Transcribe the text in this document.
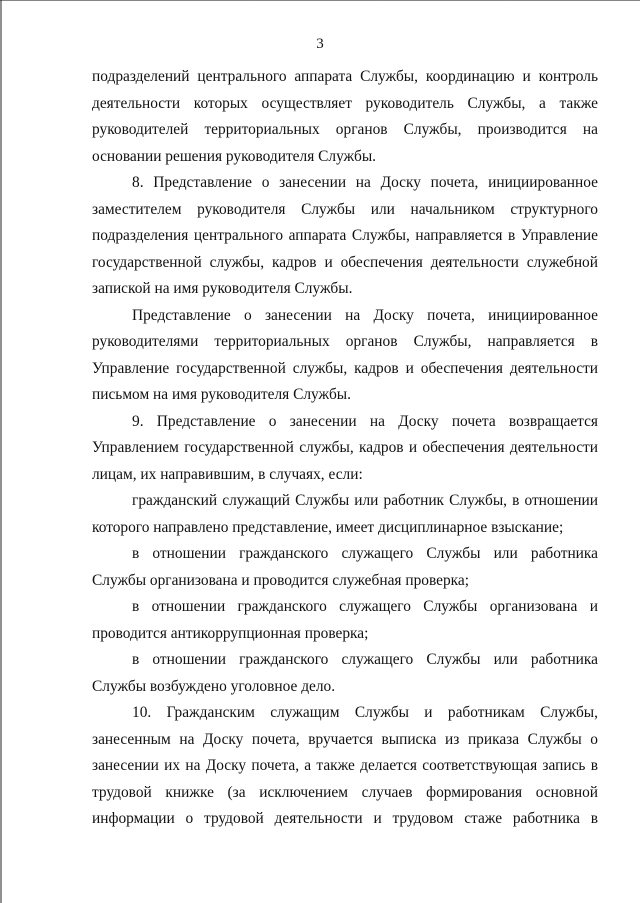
3

подразделений центрального аппарата Службы, координацию и контроль деятельности которых осуществляет руководитель Службы, а также руководителей территориальных органов Службы, производится на основании решения руководителя Службы.

8. Представление о занесении на Доску почета, инициированное заместителем руководителя Службы или начальником структурного подразделения центрального аппарата Службы, направляется в Управление государственной службы, кадров и обеспечения деятельности служебной запиской на имя руководителя Службы.

Представление о занесении на Доску почета, инициированное руководителями территориальных органов Службы, направляется в Управление государственной службы, кадров и обеспечения деятельности письмом на имя руководителя Службы.

9. Представление о занесении на Доску почета возвращается Управлением государственной службы, кадров и обеспечения деятельности лицам, их направившим, в случаях, если:

гражданский служащий Службы или работник Службы, в отношении которого направлено представление, имеет дисциплинарное взыскание;

в отношении гражданского служащего Службы или работника Службы организована и проводится служебная проверка;

в отношении гражданского служащего Службы организована и проводится антикоррупционная проверка;

в отношении гражданского служащего Службы или работника Службы возбуждено уголовное дело.

10. Гражданским служащим Службы и работникам Службы, занесенным на Доску почета, вручается выписка из приказа Службы о занесении их на Доску почета, а также делается соответствующая запись в трудовой книжке (за исключением случаев формирования основной информации о трудовой деятельности и трудовом стаже работника в
